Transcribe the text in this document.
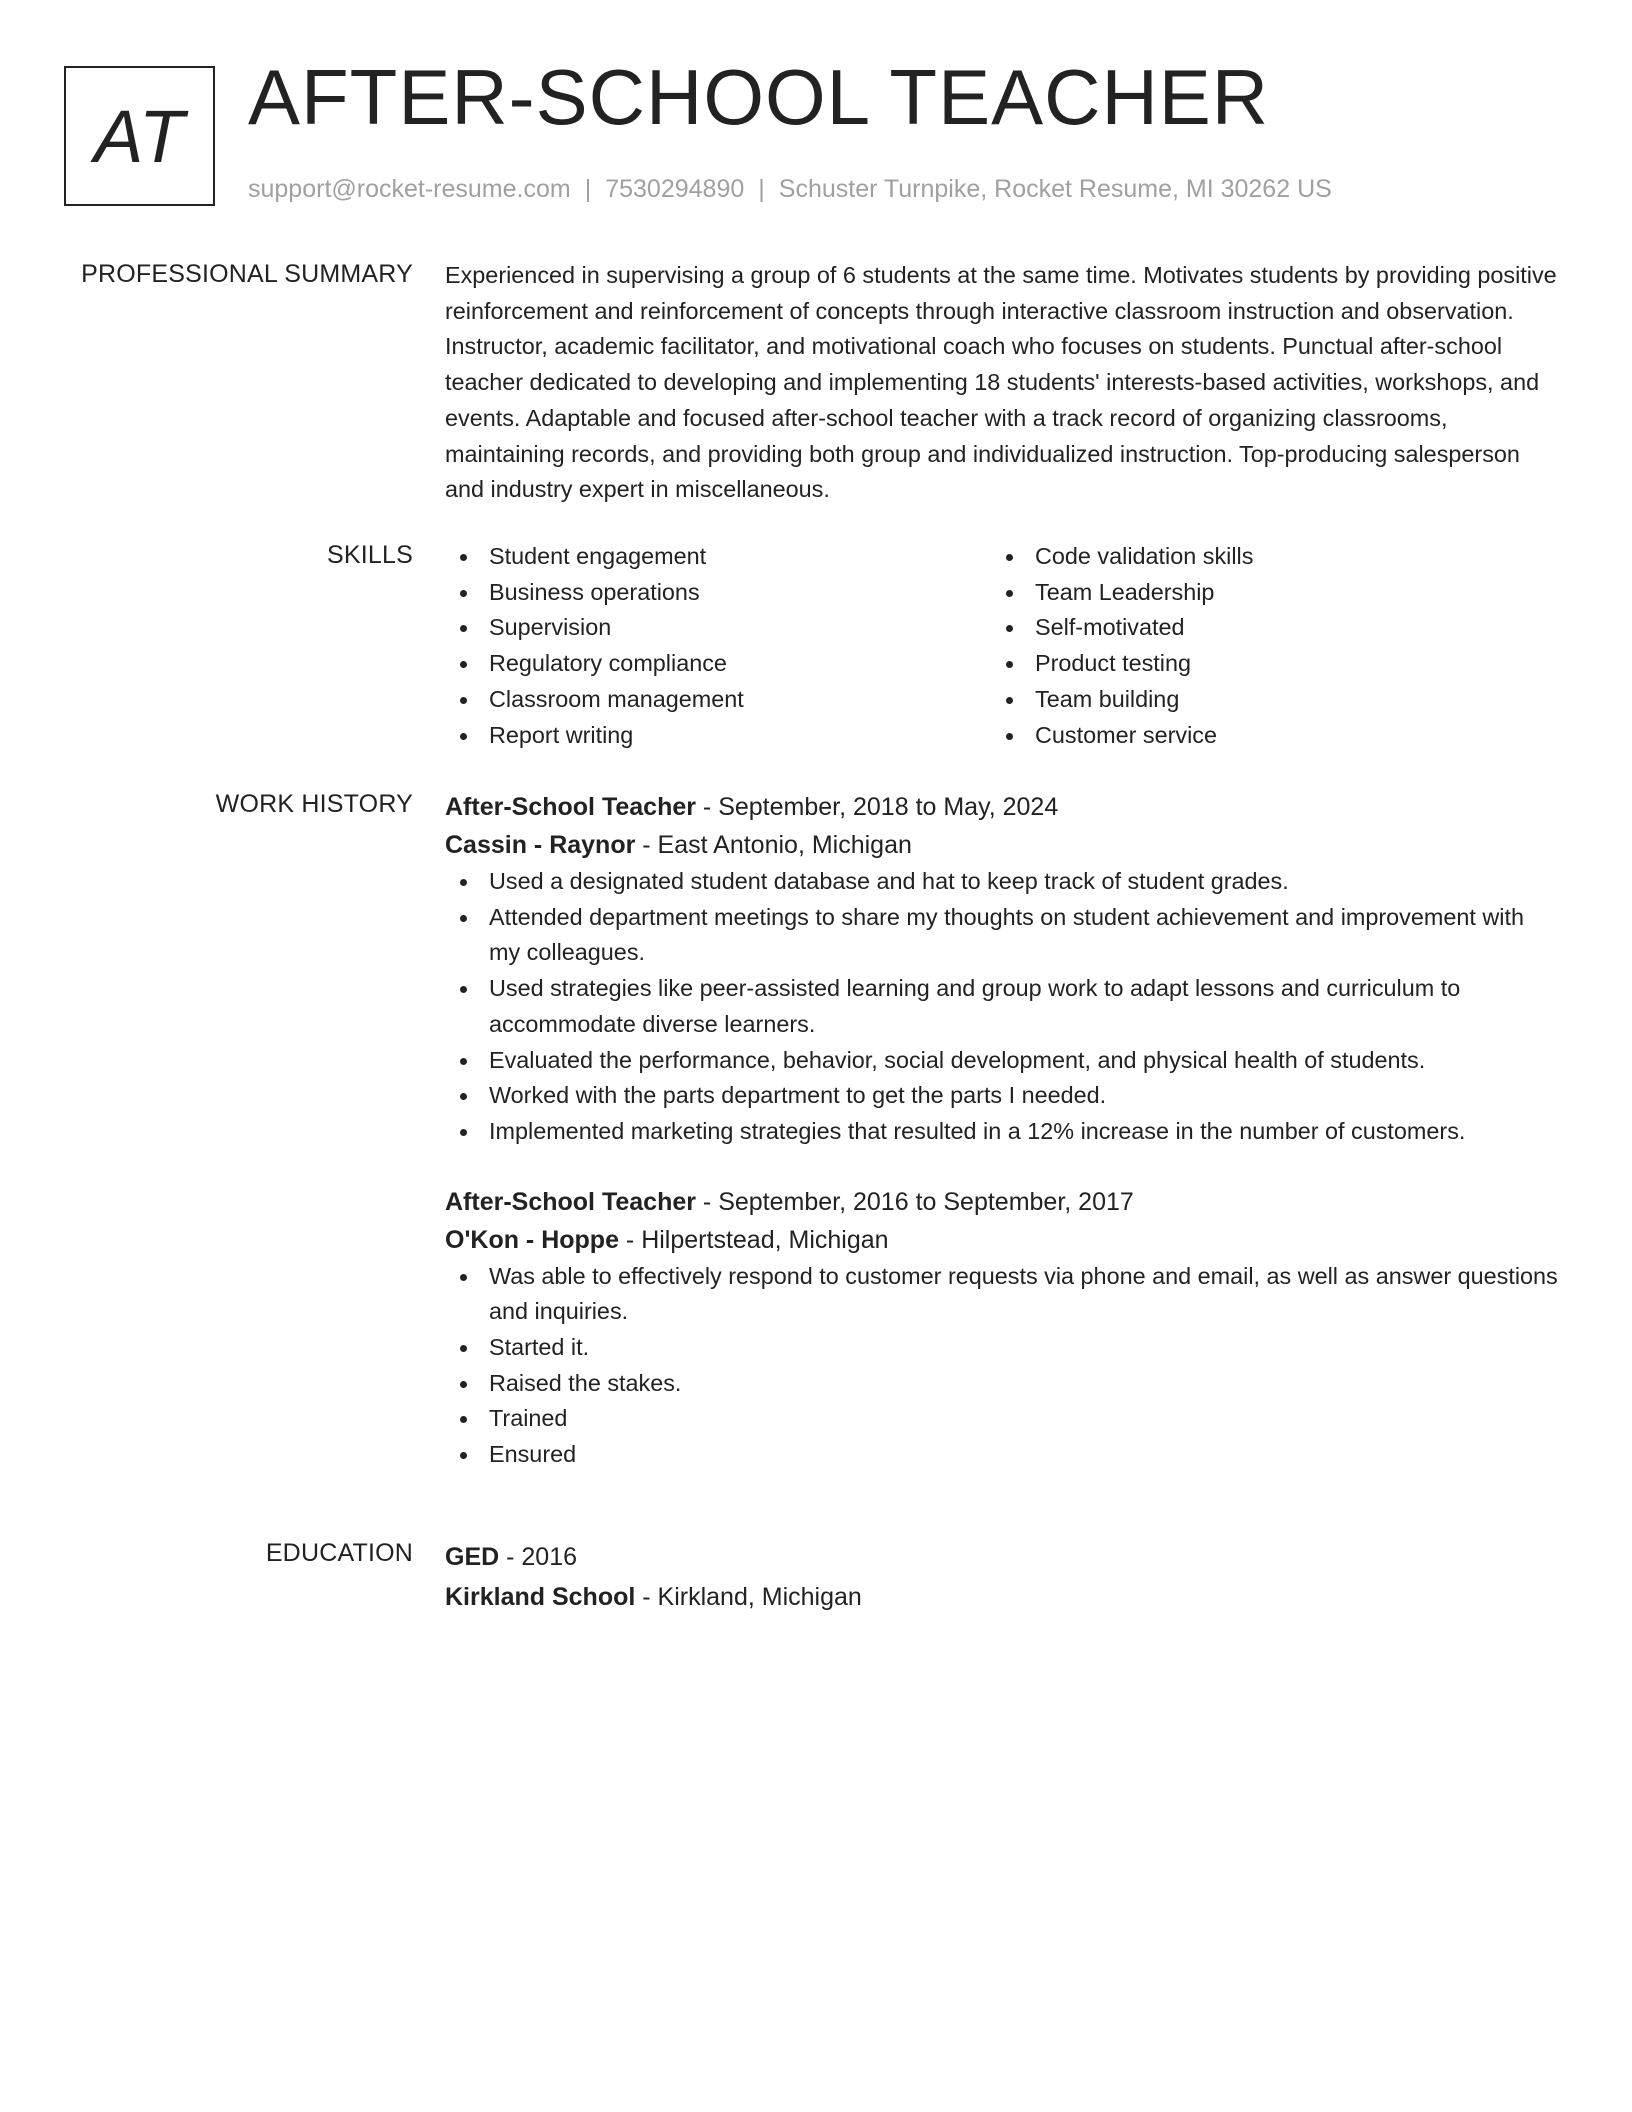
AT AFTER-SCHOOL TEACHER
support@rocket-resume.com | 7530294890 | Schuster Turnpike, Rocket Resume, MI 30262 US
PROFESSIONAL SUMMARY Experienced in supervising a group of 6 students at the same time. Motivates students by providing positive reinforcement and reinforcement of concepts through interactive classroom instruction and observation. Instructor, academic facilitator, and motivational coach who focuses on students. Punctual after-school teacher dedicated to developing and implementing 18 students' interests-based activities, workshops, and events. Adaptable and focused after-school teacher with a track record of organizing classrooms, maintaining records, and providing both group and individualized instruction. Top-producing salesperson and industry expert in miscellaneous.

SKILLS	Student engagement
Business operations
Supervision
Regulatory compliance
Classroom management
Report writing
Code validation skills
Team Leadership
Self-motivated
Product testing
Team building
Customer service
WORK HISTORY After-School Teacher - September, 2018 to May, 2024
Cassin - Raynor - East Antonio, Michigan
Used a designated student database and hat to keep track of student grades.
Attended department meetings to share my thoughts on student achievement and improvement with my colleagues.
Used strategies like peer-assisted learning and group work to adapt lessons and curriculum to accommodate diverse learners.
Evaluated the performance, behavior, social development, and physical health of students.
Worked with the parts department to get the parts I needed.
Implemented marketing strategies that resulted in a 12% increase in the number of customers.
After-School Teacher - September, 2016 to September, 2017
O'Kon - Hoppe - Hilpertstead, Michigan
Was able to effectively respond to customer requests via phone and email, as well as answer questions and inquiries.
Started it.
Raised the stakes.
Trained
Ensured
EDUCATION GED - 2016
Kirkland School - Kirkland, Michigan
